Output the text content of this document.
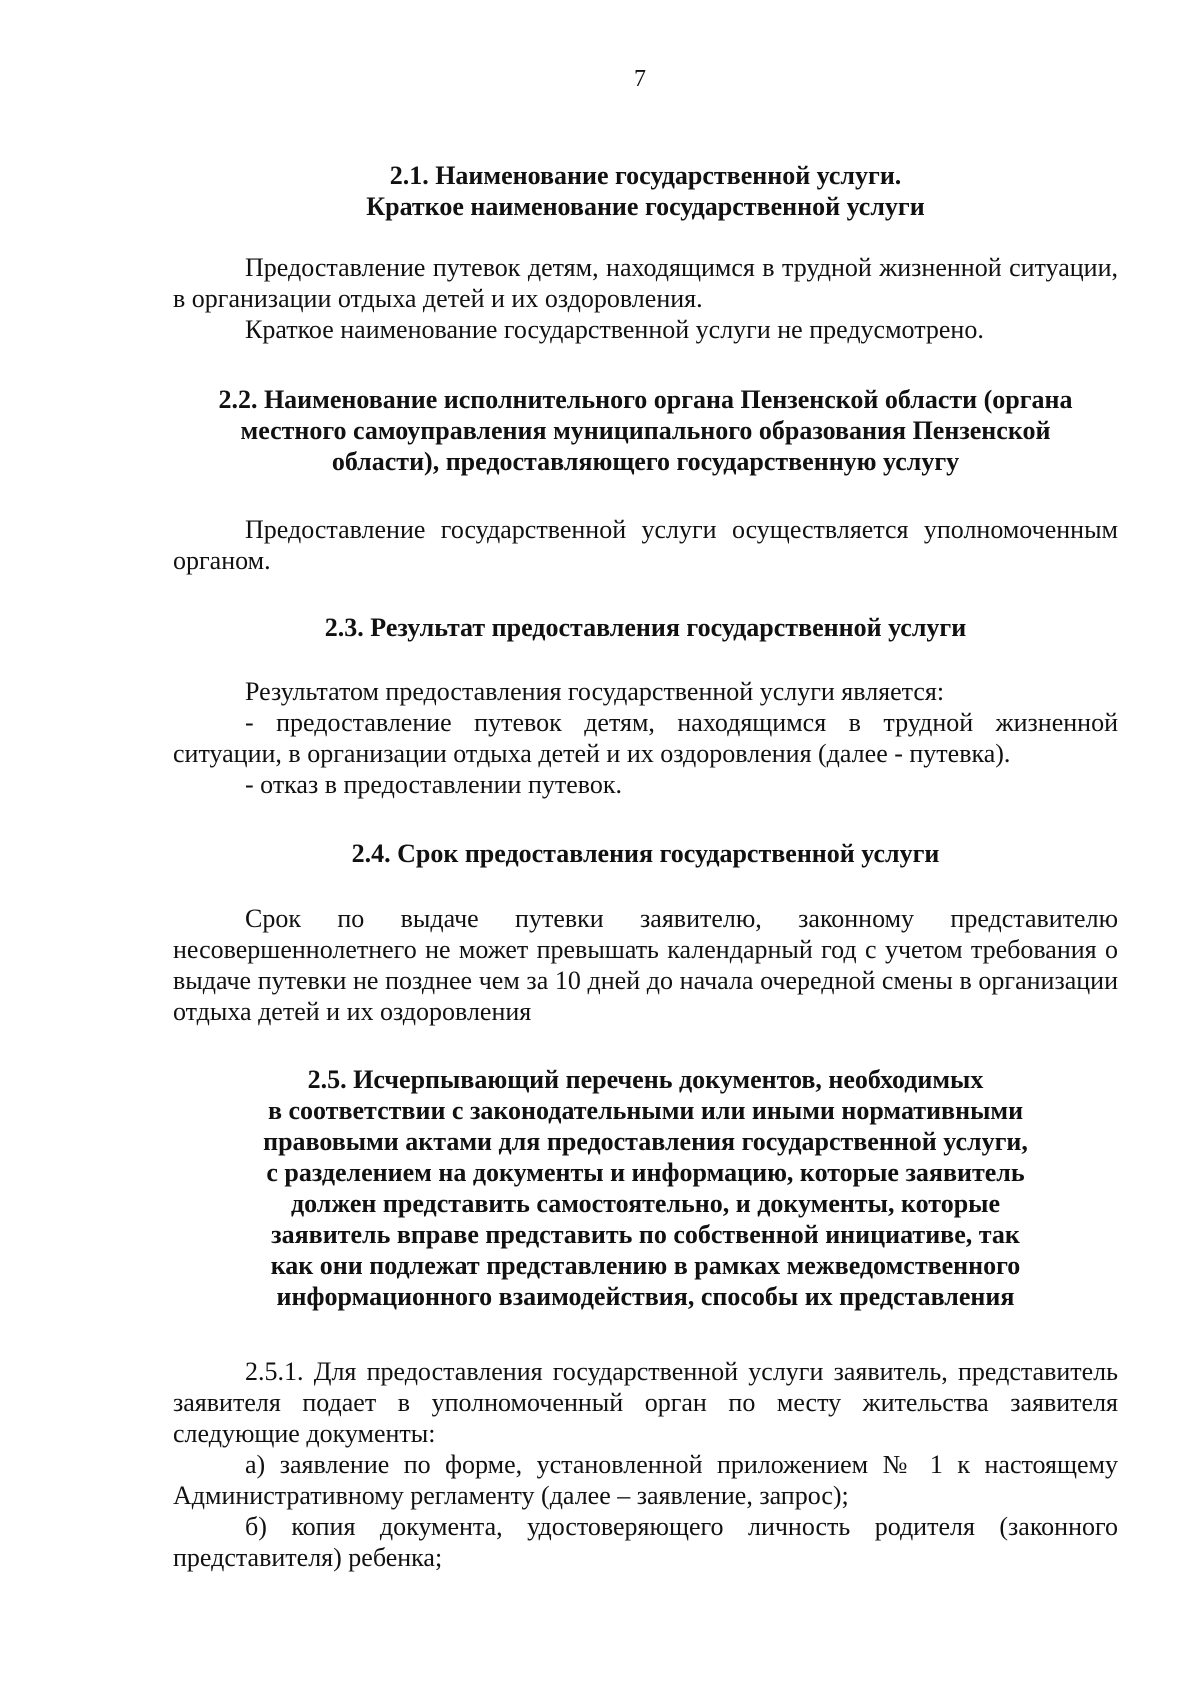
7
2.1. Наименование государственной услуги.
Краткое наименование государственной услуги

Предоставление путевок детям, находящимся в трудной жизненной ситуации, в организации отдыха детей и их оздоровления.

Краткое наименование государственной услуги не предусмотрено.

2.2. Наименование исполнительного органа Пензенской области (органа
местного самоуправления муниципального образования Пензенской
области), предоставляющего государственную услугу

Предоставление государственной услуги осуществляется уполномоченным органом.

2.3. Результат предоставления государственной услуги

Результатом предоставления государственной услуги является:

- предоставление путевок детям, находящимся в трудной жизненной ситуации, в организации отдыха детей и их оздоровления (далее - путевка).

- отказ в предоставлении путевок.

2.4. Срок предоставления государственной услуги

Срок по выдаче путевки заявителю, законному представителю несовершеннолетнего не может превышать календарный год с учетом требования о выдаче путевки не позднее чем за 10 дней до начала очередной смены в организации отдыха детей и их оздоровления

2.5. Исчерпывающий перечень документов, необходимых
в соответствии с законодательными или иными нормативными
правовыми актами для предоставления государственной услуги,
с разделением на документы и информацию, которые заявитель
должен представить самостоятельно, и документы, которые
заявитель вправе представить по собственной инициативе, так
как они подлежат представлению в рамках межведомственного
информационного взаимодействия, способы их представления

2.5.1. Для предоставления государственной услуги заявитель, представитель заявителя подает в уполномоченный орган по месту жительства заявителя следующие документы:

а) заявление по форме, установленной приложением № 1 к настоящему Административному регламенту (далее – заявление, запрос);

б) копия документа, удостоверяющего личность родителя (законного представителя) ребенка;
